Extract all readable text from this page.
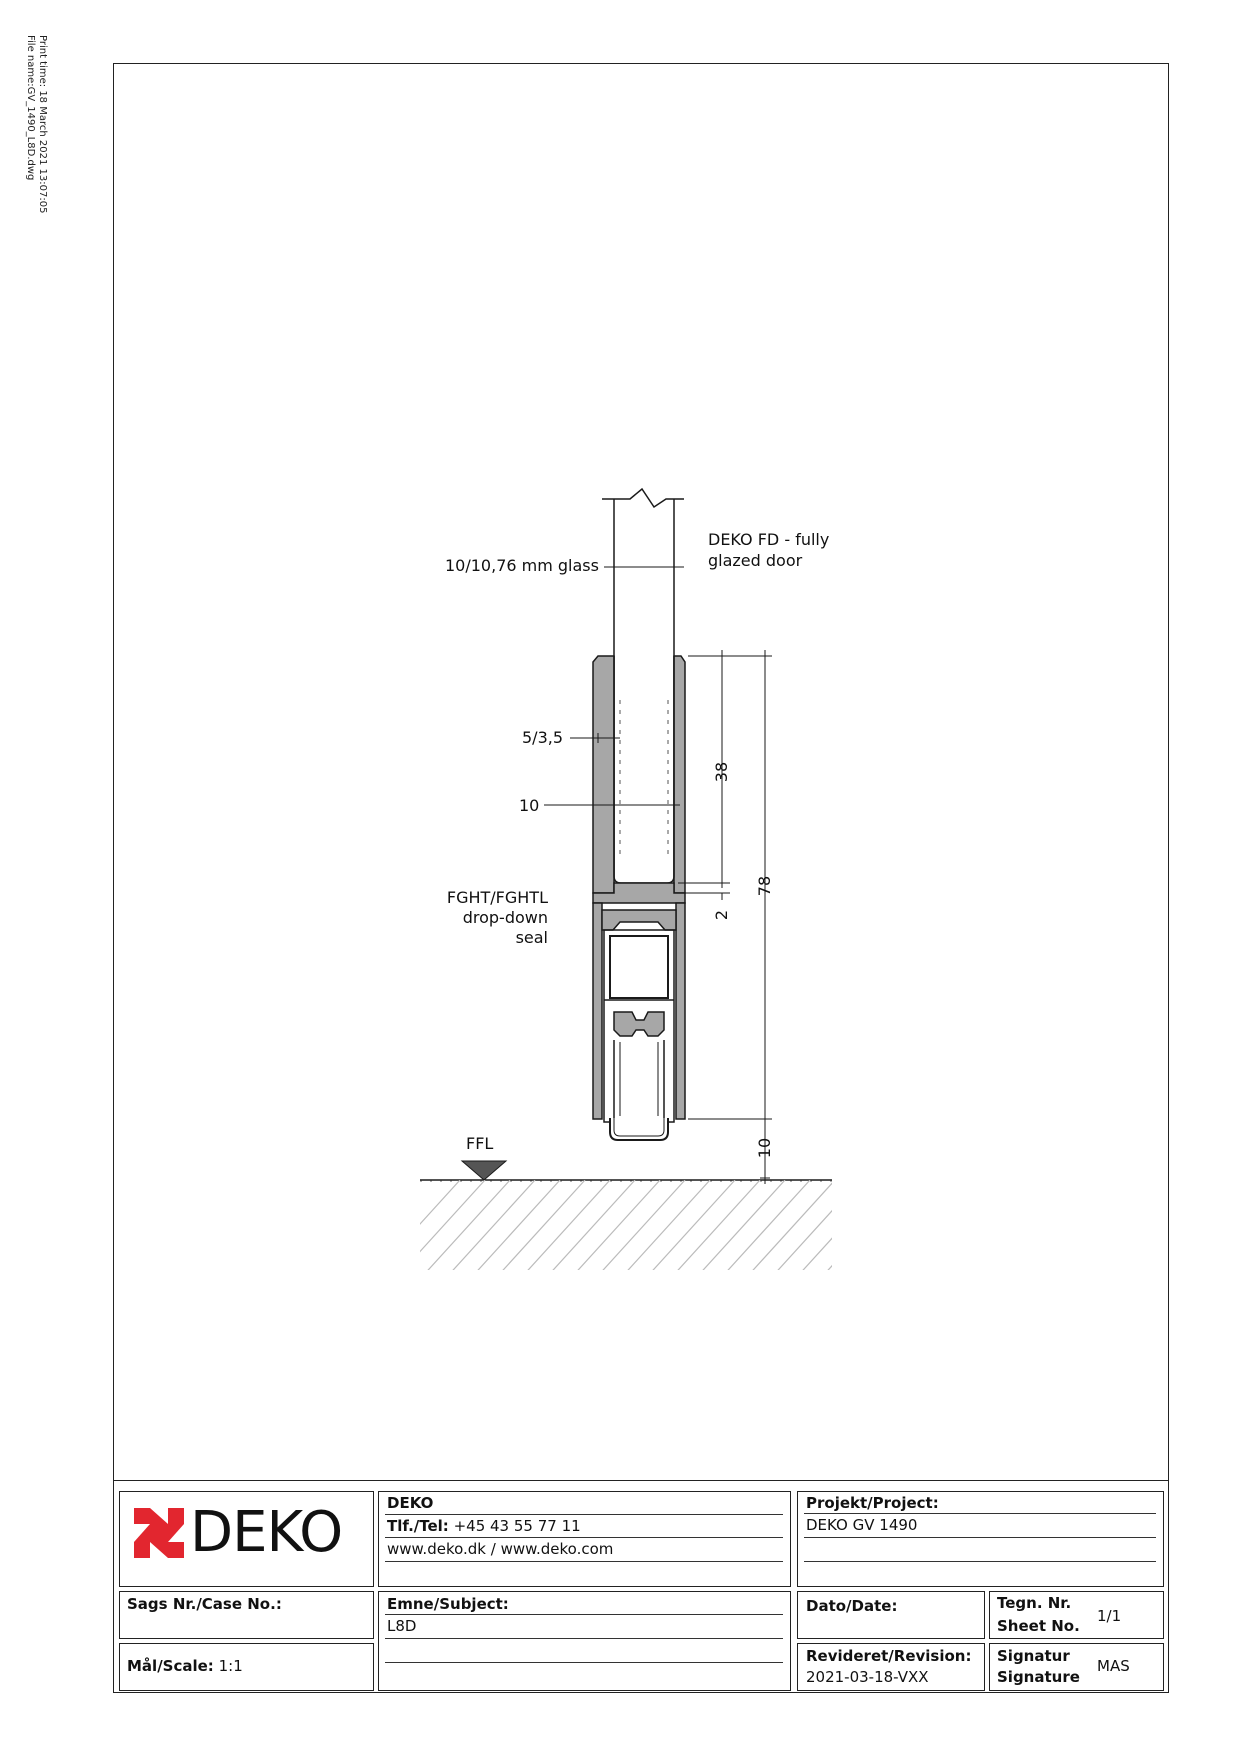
Print time: 18 March 2021 13:07:05
File name:GV_1490_L8D.dwg
10/10,76 mm glass
DEKO FD - fully
glazed door
5/3,5
10
FGHT/FGHTL
drop-down
seal
38
2
78
10
FFL
DEKO	DEKO
Tlf./Tel: +45 43 55 77 11
www.deko.dk / www.deko.com
Projekt/Project:
DEKO GV 1490
Sags Nr./Case No.:
Mål/Scale: 1:1
Emne/Subject:
L8D
Dato/Date:	Tegn. Nr.
Sheet No.
1/1
Revideret/Revision:
2021-03-18-VXX
Signatur
Signature
MAS
